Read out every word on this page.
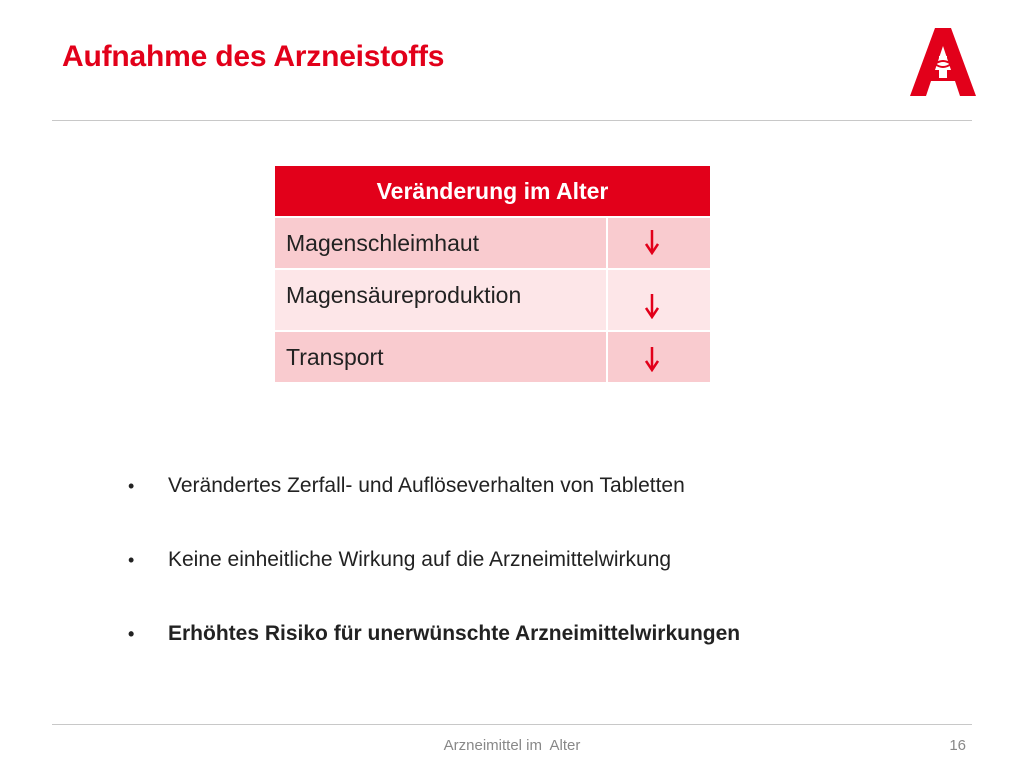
Aufnahme des Arzneistoffs
Veränderung im Alter
Magenschleimhaut
Magensäureproduktion
Transport
•	Verändertes Zerfall- und Auflöseverhalten von Tabletten
•	Keine einheitliche Wirkung auf die Arzneimittelwirkung
•	Erhöhtes Risiko für unerwünschte Arzneimittelwirkungen
Arzneimittel im  Alter	16
